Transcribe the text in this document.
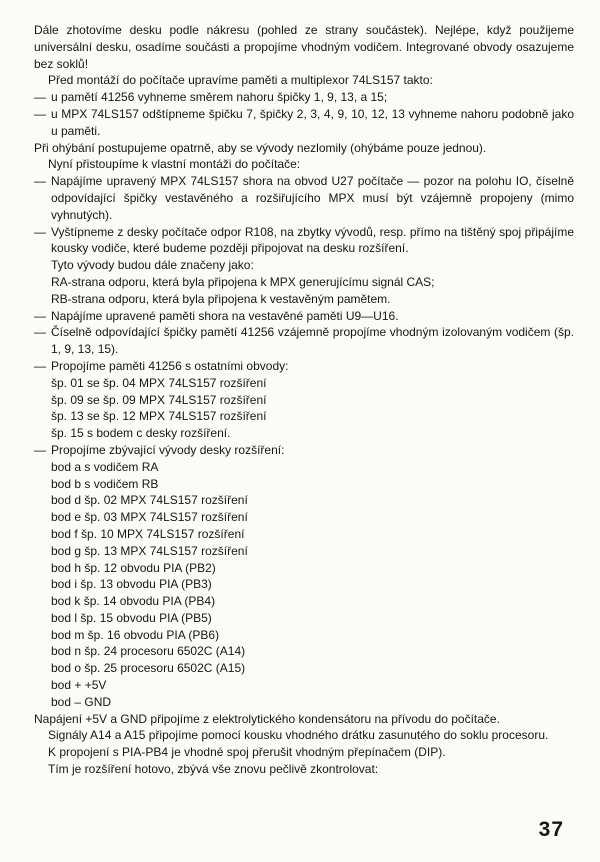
Dále zhotovíme desku podle nákresu (pohled ze strany součástek). Nejlépe, když použijeme universální desku, osadíme součásti a propojíme vhodným vodičem. Integrované obvody osazujeme bez soklů!

Před montáží do počítače upravíme paměti a multiplexor 74LS157 takto:

— u pamětí 41256 vyhneme směrem nahoru špičky 1, 9, 13, a 15;
— u MPX 74LS157 odštípneme špičku 7, špičky 2, 3, 4, 9, 10, 12, 13 vyhneme nahoru podobně jako u paměti.

Při ohýbání postupujeme opatrně, aby se vývody nezlomily (ohýbáme pouze jednou).

Nyní přistoupíme k vlastní montáži do počítače:

— Napájíme upravený MPX 74LS157 shora na obvod U27 počítače — pozor na polohu IO, číselně odpovídající špičky vestavěného a rozšiřujícího MPX musí být vzájemně propojeny (mimo vyhnutých).
— Vyštípneme z desky počítače odpor R108, na zbytky vývodů, resp. přímo na tištěný spoj připájíme kousky vodiče, které budeme později připojovat na desku rozšíření.

Tyto vývody budou dále značeny jako:

RA-strana odporu, která byla připojena k MPX generujícímu signál CAS;

RB-strana odporu, která byla připojena k vestavěným pamětem.

— Napájíme upravené paměti shora na vestavěné paměti U9—U16.
— Číselně odpovídající špičky pamětí 41256 vzájemně propojíme vhodným izolovaným vodičem (šp. 1, 9, 13, 15).
— Propojíme paměti 41256 s ostatními obvody:

šp. 01 se šp. 04 MPX 74LS157 rozšíření

šp. 09 se šp. 09 MPX 74LS157 rozšíření

šp. 13 se šp. 12 MPX 74LS157 rozšíření

šp. 15 s bodem c desky rozšíření.

— Propojíme zbývající vývody desky rozšíření:

bod a s vodičem RA

bod b s vodičem RB

bod d šp. 02 MPX 74LS157 rozšíření

bod e šp. 03 MPX 74LS157 rozšíření

bod f šp. 10 MPX 74LS157 rozšíření

bod g šp. 13 MPX 74LS157 rozšíření

bod h šp. 12 obvodu PIA (PB2)

bod i šp. 13 obvodu PIA (PB3)

bod k šp. 14 obvodu PIA (PB4)

bod l šp. 15 obvodu PIA (PB5)

bod m šp. 16 obvodu PIA (PB6)

bod n šp. 24 procesoru 6502C (A14)

bod o šp. 25 procesoru 6502C (A15)

bod + +5V

bod – GND

Napájení +5V a GND připojíme z elektrolytického kondensátoru na přívodu do počítače.

Signály A14 a A15 připojíme pomocí kousku vhodného drátku zasunutého do soklu procesoru.

K propojení s PIA-PB4 je vhodné spoj přerušit vhodným přepínačem (DIP).

Tím je rozšíření hotovo, zbývá vše znovu pečlivě zkontrolovat:

37
